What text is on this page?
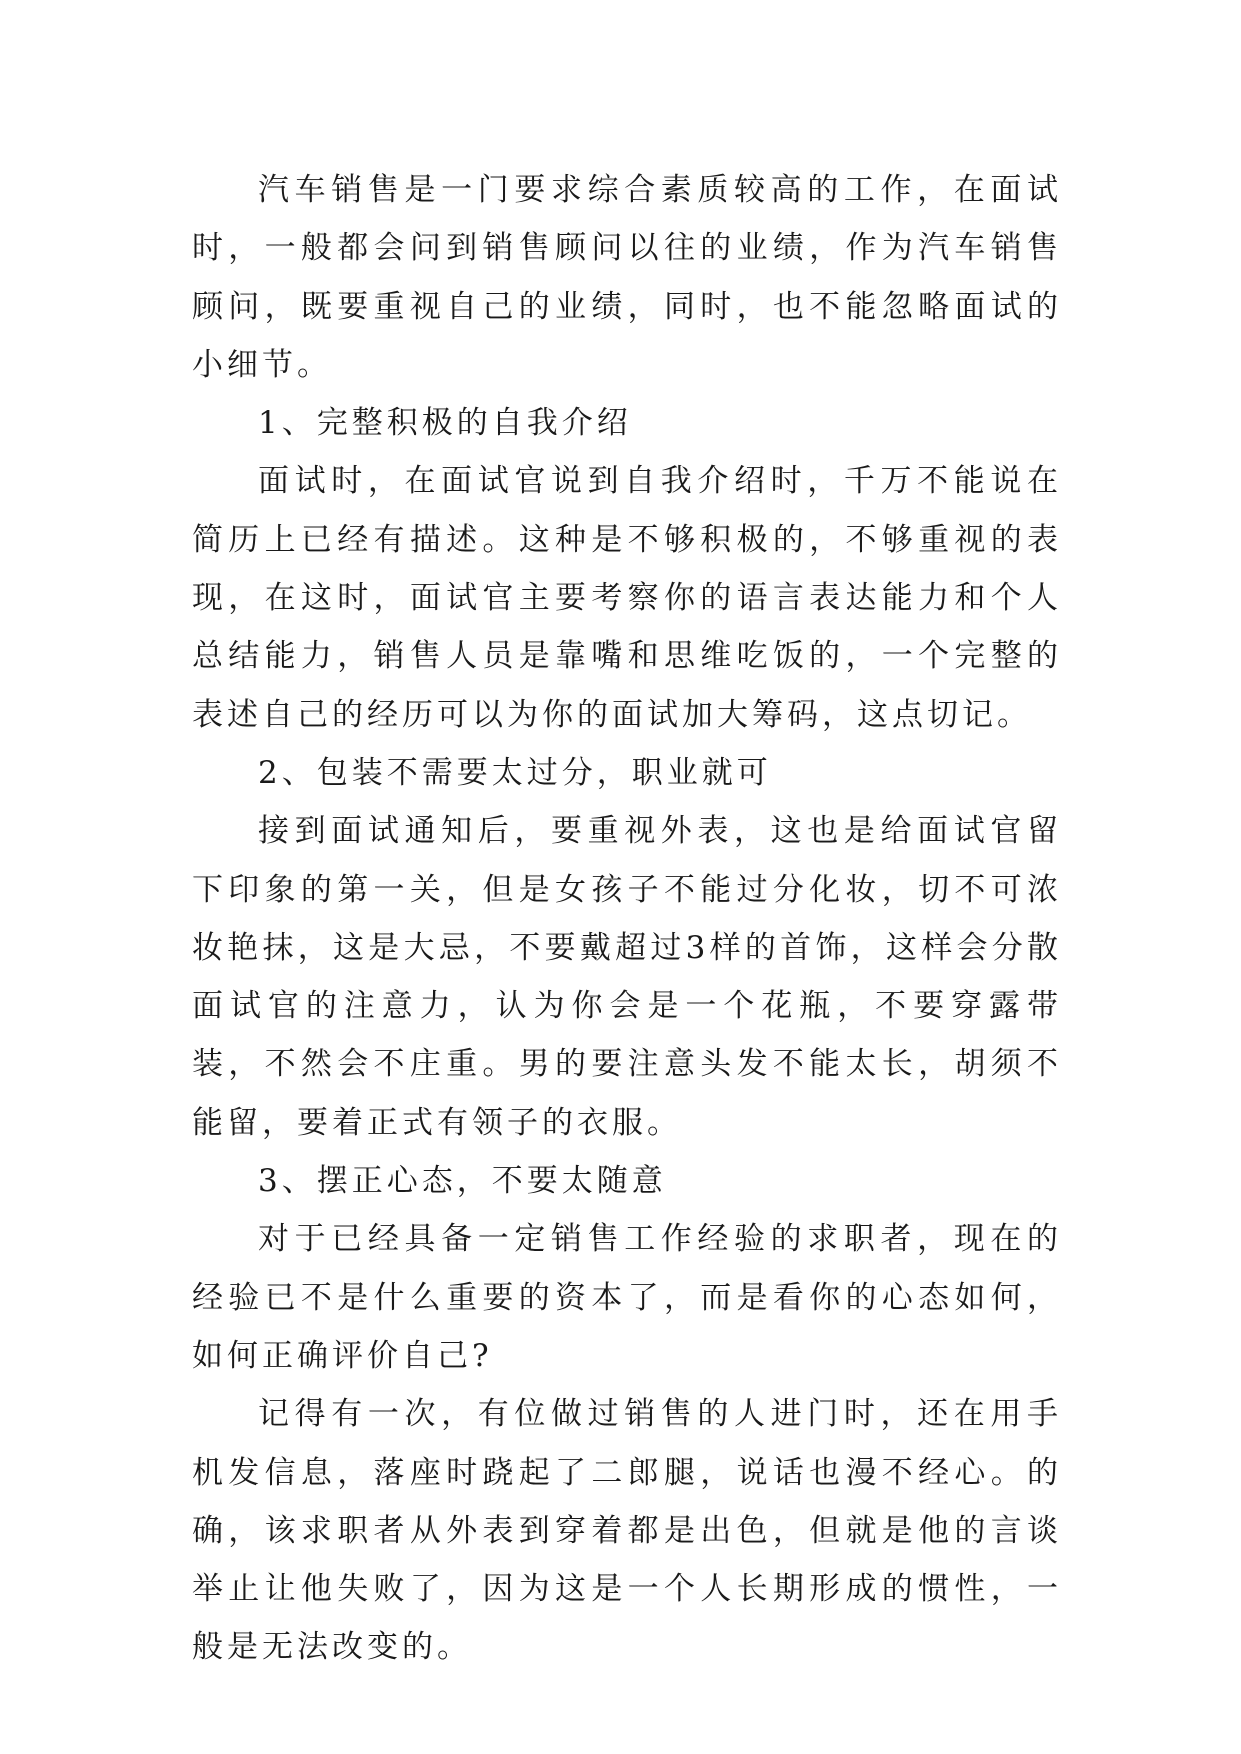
汽车销售是一门要求综合素质较高的工作，在面试时，一般都会问到销售顾问以往的业绩，作为汽车销售顾问，既要重视自己的业绩，同时，也不能忽略面试的小细节。

1、完整积极的自我介绍

面试时，在面试官说到自我介绍时，千万不能说在简历上已经有描述。这种是不够积极的，不够重视的表现，在这时，面试官主要考察你的语言表达能力和个人总结能力，销售人员是靠嘴和思维吃饭的，一个完整的表述自己的经历可以为你的面试加大筹码，这点切记。

2、包装不需要太过分，职业就可

接到面试通知后，要重视外表，这也是给面试官留下印象的第一关，但是女孩子不能过分化妆，切不可浓妆艳抹，这是大忌，不要戴超过3样的首饰，这样会分散面试官的注意力，认为你会是一个花瓶，不要穿露带装，不然会不庄重。男的要注意头发不能太长，胡须不能留，要着正式有领子的衣服。

3、摆正心态，不要太随意

对于已经具备一定销售工作经验的求职者，现在的经验已不是什么重要的资本了，而是看你的心态如何，如何正确评价自己?

记得有一次，有位做过销售的人进门时，还在用手机发信息，落座时跷起了二郎腿，说话也漫不经心。的确，该求职者从外表到穿着都是出色，但就是他的言谈举止让他失败了，因为这是一个人长期形成的惯性，一般是无法改变的。
